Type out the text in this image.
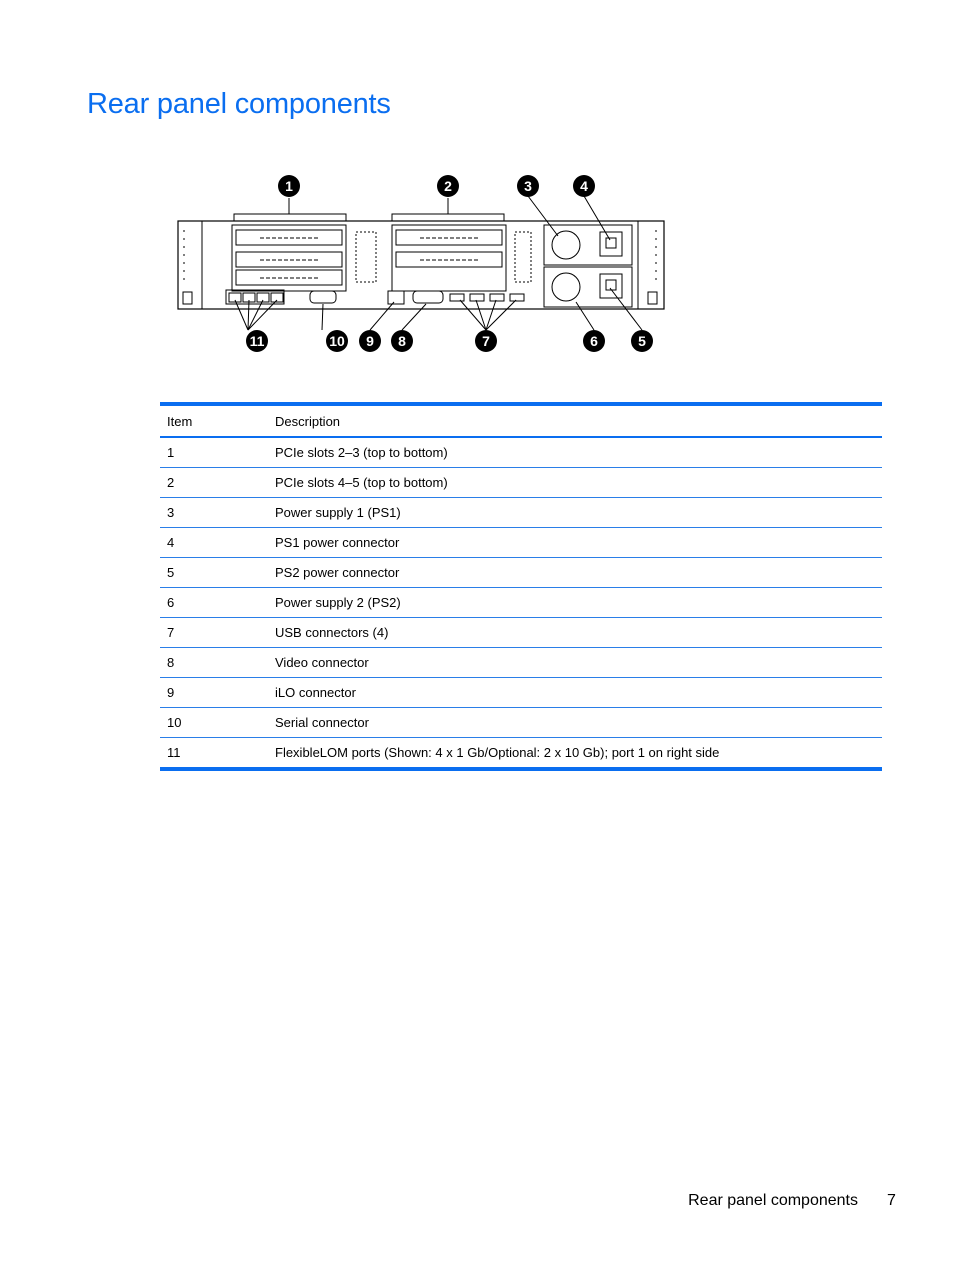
Rear panel components
1	2	3	4
11	10 9 8	7	6	5
Item	Description
1	PCIe slots 2–3 (top to bottom)
2	PCIe slots 4–5 (top to bottom)
3	Power supply 1 (PS1)
4	PS1 power connector
5	PS2 power connector
6	Power supply 2 (PS2)
7	USB connectors (4)
8	Video connector
9	iLO connector
10	Serial connector
11	FlexibleLOM ports (Shown: 4 x 1 Gb/Optional: 2 x 10 Gb); port 1 on right side
Rear panel components 7
